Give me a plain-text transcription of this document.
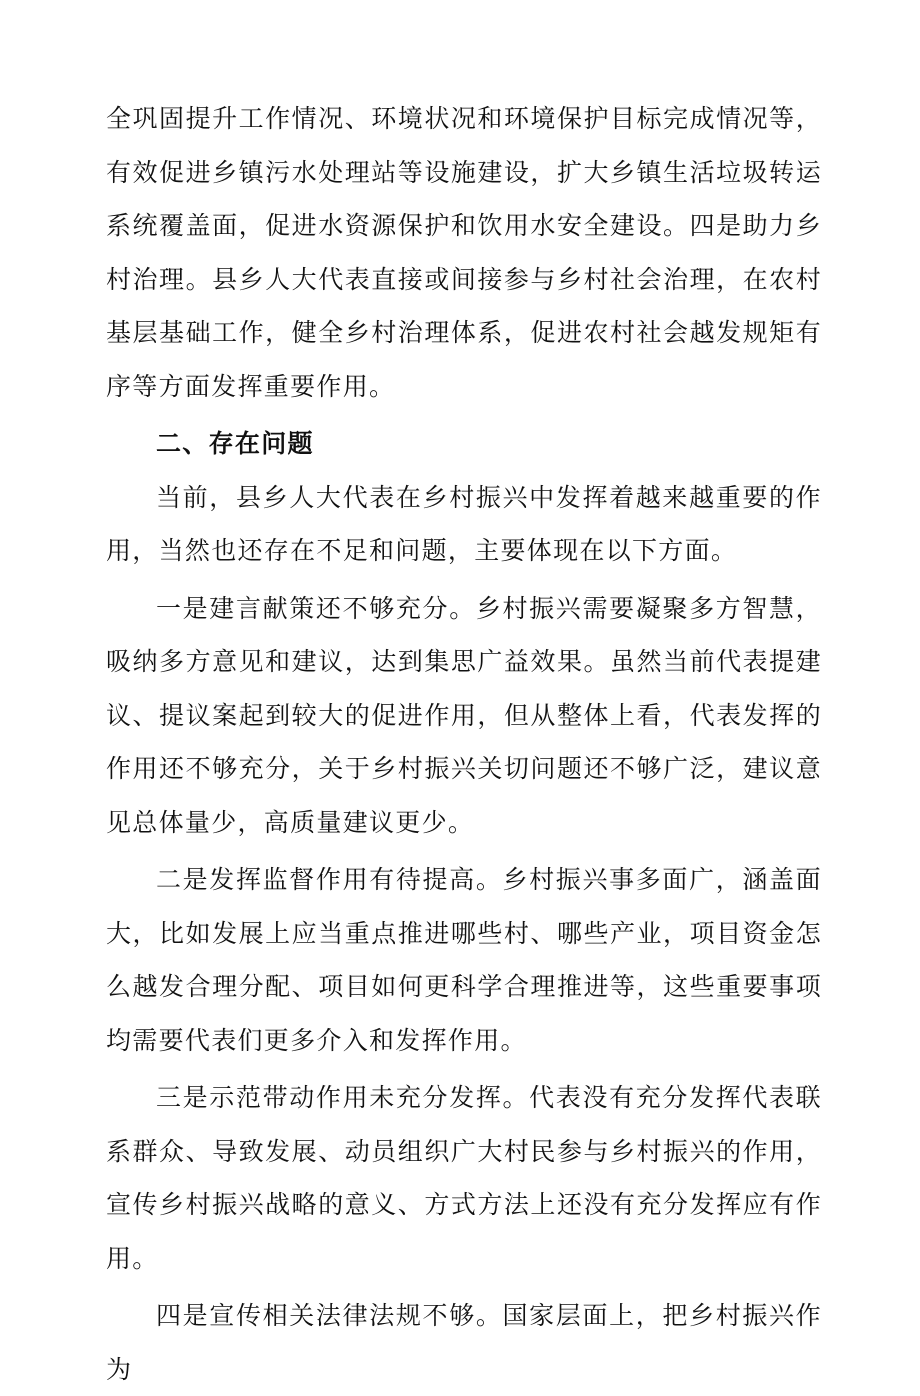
全巩固提升工作情况、环境状况和环境保护目标完成情况等，有效促进乡镇污水处理站等设施建设，扩大乡镇生活垃圾转运系统覆盖面，促进水资源保护和饮用水安全建设。四是助力乡村治理。县乡人大代表直接或间接参与乡村社会治理，在农村基层基础工作，健全乡村治理体系，促进农村社会越发规矩有序等方面发挥重要作用。

二、存在问题

当前，县乡人大代表在乡村振兴中发挥着越来越重要的作用，当然也还存在不足和问题，主要体现在以下方面。

一是建言献策还不够充分。乡村振兴需要凝聚多方智慧，吸纳多方意见和建议，达到集思广益效果。虽然当前代表提建议、提议案起到较大的促进作用，但从整体上看，代表发挥的作用还不够充分，关于乡村振兴关切问题还不够广泛，建议意见总体量少，高质量建议更少。

二是发挥监督作用有待提高。乡村振兴事多面广，涵盖面大，比如发展上应当重点推进哪些村、哪些产业，项目资金怎么越发合理分配、项目如何更科学合理推进等，这些重要事项均需要代表们更多介入和发挥作用。

三是示范带动作用未充分发挥。代表没有充分发挥代表联系群众、导致发展、动员组织广大村民参与乡村振兴的作用，宣传乡村振兴战略的意义、方式方法上还没有充分发挥应有作用。

四是宣传相关法律法规不够。国家层面上，把乡村振兴作为
